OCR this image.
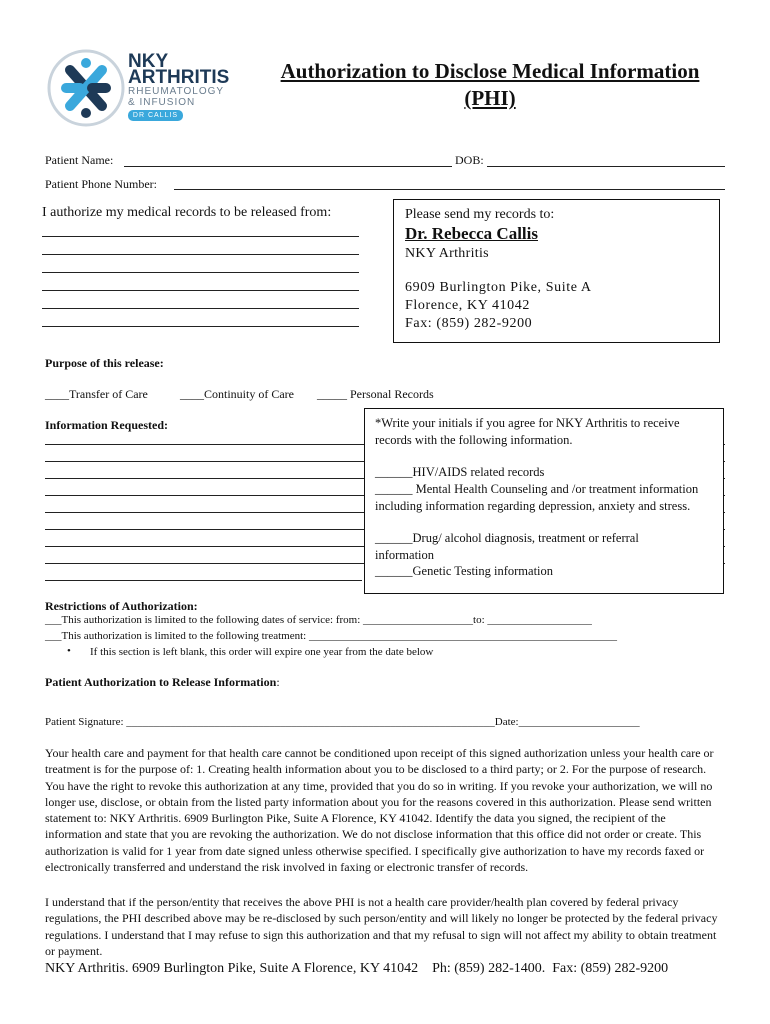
NKY
ARTHRITIS
RHEUMATOLOGY
& INFUSION
DR CALLIS
Authorization to Disclose Medical Information
(PHI)
Patient Name:	DOB:
Patient Phone Number:
I authorize my medical records to be released from:	Please send my records to:
Dr. Rebecca Callis
NKY Arthritis
6909 Burlington Pike, Suite A
Florence, KY 41042
Fax: (859) 282-9200
Purpose of this release:
____Transfer of Care	____Continuity of Care _____ Personal Records
Information Requested:	*Write your initials if you agree for NKY Arthritis to receive records with the following information.
______HIV/AIDS related records
______ Mental Health Counseling and /or treatment information including information regarding depression, anxiety and stress.
______Drug/ alcohol diagnosis, treatment or referral information
______Genetic Testing information
Restrictions of Authorization:
___This authorization is limited to the following dates of service: from: ____________________to: ___________________
___This authorization is limited to the following treatment: ________________________________________________________
• If this section is left blank, this order will expire one year from the date below
Patient Authorization to Release Information:
Patient Signature: ___________________________________________________________________Date:______________________
Your health care and payment for that health care cannot be conditioned upon receipt of this signed authorization unless your health care or treatment is for the purpose of: 1. Creating health information about you to be disclosed to a third party; or 2. For the purpose of research. You have the right to revoke this authorization at any time, provided that you do so in writing. If you revoke your authorization, we will no longer use, disclose, or obtain from the listed party information about you for the reasons covered in this authorization. Please send written statement to: NKY Arthritis. 6909 Burlington Pike, Suite A Florence, KY 41042. Identify the data you signed, the recipient of the information and state that you are revoking the authorization. We do not disclose information that this office did not order or create. This authorization is valid for 1 year from date signed unless otherwise specified. I specifically give authorization to have my records faxed or electronically transferred and understand the risk involved in faxing or electronic transfer of records.
I understand that if the person/entity that receives the above PHI is not a health care provider/health plan covered by federal privacy regulations, the PHI described above may be re-disclosed by such person/entity and will likely no longer be protected by the federal privacy regulations. I understand that I may refuse to sign this authorization and that my refusal to sign will not affect my ability to obtain treatment or payment.
NKY Arthritis. 6909 Burlington Pike, Suite A Florence, KY 41042    Ph: (859) 282-1400.  Fax: (859) 282-9200
